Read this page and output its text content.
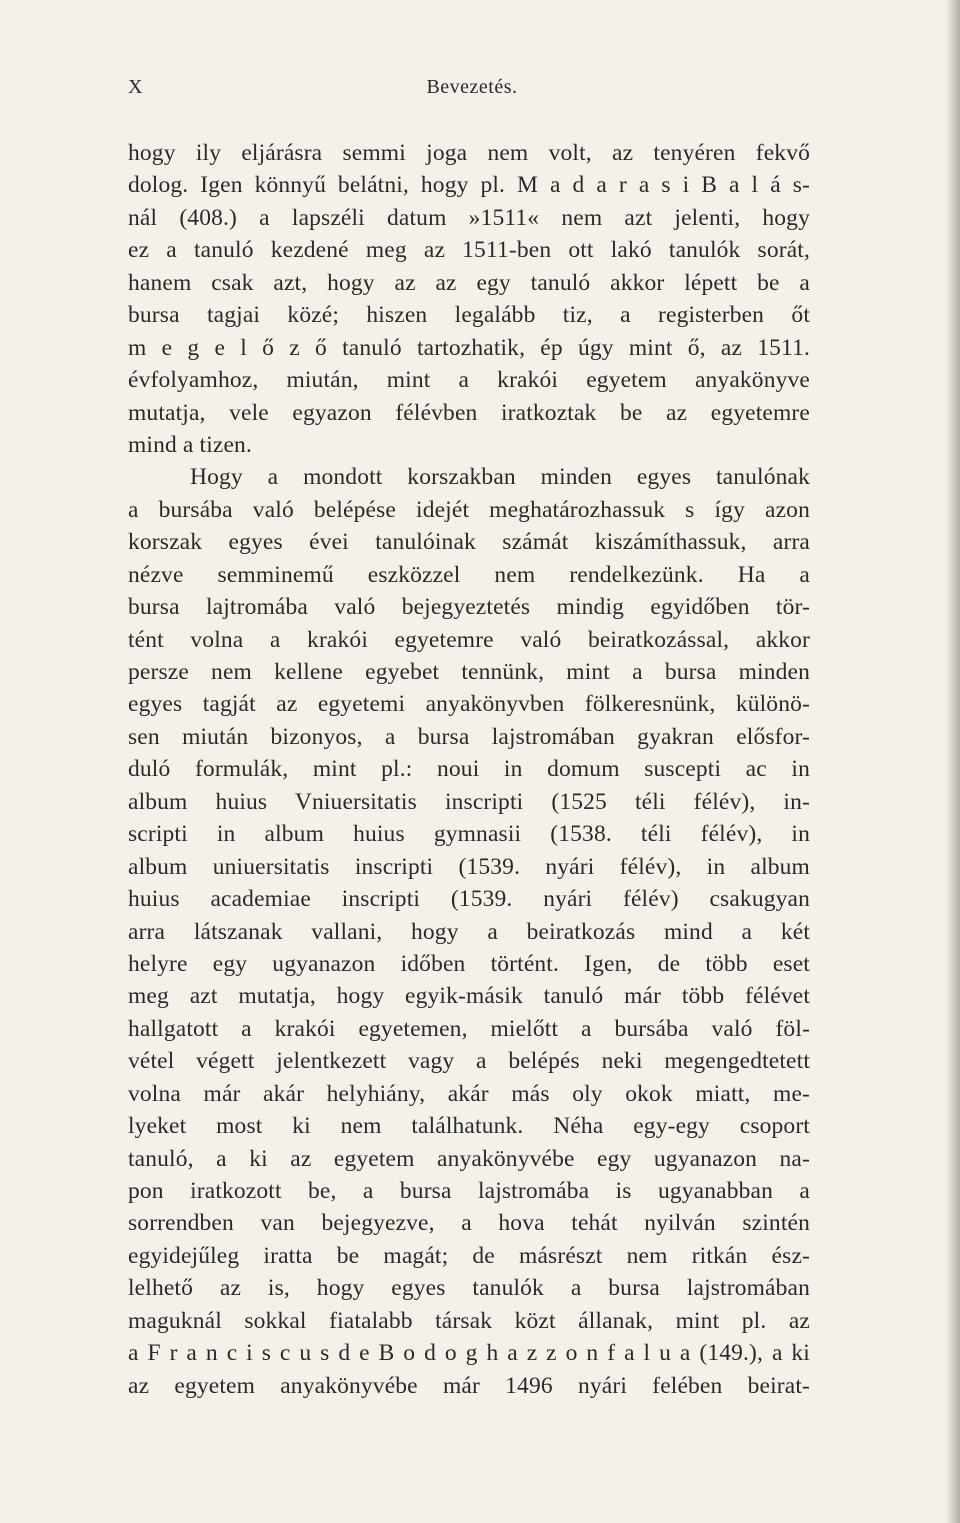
X	Bevezetés.
hogy ily eljárásra semmi joga nem volt, az tenyéren fekvő
dolog. Igen könnyű belátni, hogy pl. M a d a r a s i B a l á s-
nál (408.) a lapszéli datum »1511« nem azt jelenti, hogy
ez a tanuló kezdené meg az 1511-ben ott lakó tanulók sorát,
hanem csak azt, hogy az az egy tanuló akkor lépett be a
bursa tagjai közé; hiszen legalább tiz, a registerben őt
m e g e l ő z ő tanuló tartozhatik, ép úgy mint ő, az 1511.
évfolyamhoz, miután, mint a krakói egyetem anyakönyve
mutatja, vele egyazon félévben iratkoztak be az egyetemre
mind a tizen.
Hogy a mondott korszakban minden egyes tanulónak
a bursába való belépése idejét meghatározhassuk s így azon
korszak egyes évei tanulóinak számát kiszámíthassuk, arra
nézve semminemű eszközzel nem rendelkezünk. Ha a
bursa lajtromába való bejegyeztetés mindig egyidőben tör-
tént volna a krakói egyetemre való beiratkozással, akkor
persze nem kellene egyebet tennünk, mint a bursa minden
egyes tagját az egyetemi anyakönyvben fölkeresnünk, különö-
sen miután bizonyos, a bursa lajstromában gyakran elősfor-
duló formulák, mint pl.: noui in domum suscepti ac in
album huius Vniuersitatis inscripti (1525 téli félév), in-
scripti in album huius gymnasii (1538. téli félév), in
album uniuersitatis inscripti (1539. nyári félév), in album
huius academiae inscripti (1539. nyári félév) csakugyan
arra látszanak vallani, hogy a beiratkozás mind a két
helyre egy ugyanazon időben történt. Igen, de több eset
meg azt mutatja, hogy egyik-másik tanuló már több félévet
hallgatott a krakói egyetemen, mielőtt a bursába való föl-
vétel végett jelentkezett vagy a belépés neki megengedtetett
volna már akár helyhiány, akár más oly okok miatt, me-
lyeket most ki nem találhatunk. Néha egy-egy csoport
tanuló, a ki az egyetem anyakönyvébe egy ugyanazon na-
pon iratkozott be, a bursa lajstromába is ugyanabban a
sorrendben van bejegyezve, a hova tehát nyilván szintén
egyidejűleg iratta be magát; de másrészt nem ritkán ész-
lelhető az is, hogy egyes tanulók a bursa lajstromában
maguknál sokkal fiatalabb társak közt állanak, mint pl. az
a F r a n c i s c u s d e B o d o g h a z z o n f a l u a (149.), a ki
az egyetem anyakönyvébe már 1496 nyári felében beirat-
